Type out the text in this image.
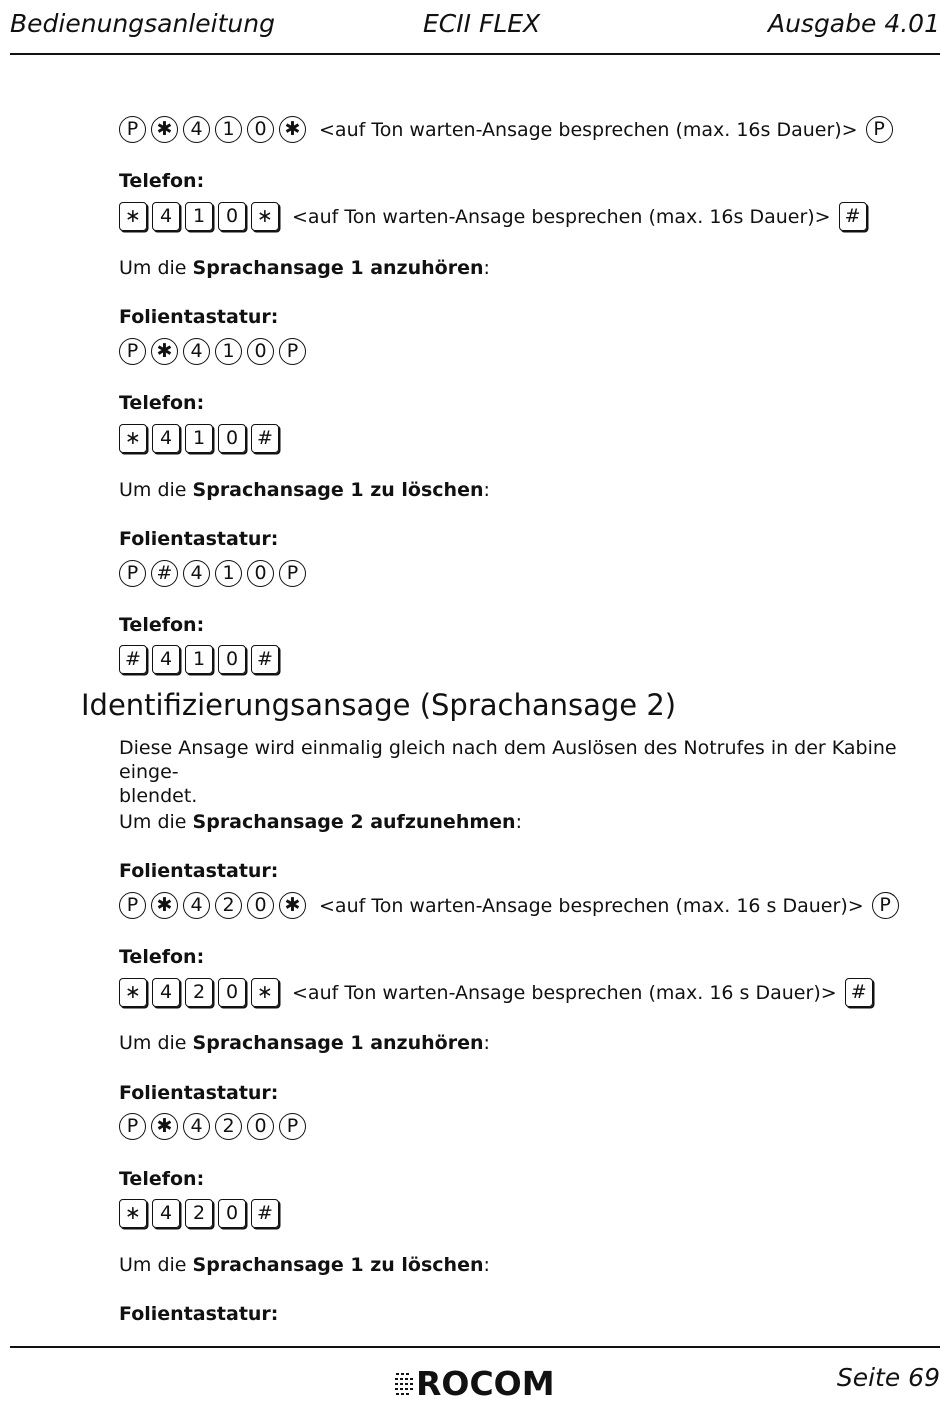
Bedienungsanleitung	ECII FLEX	Ausgabe 4.01
P ✱ 4	1	0 ✱ <auf Ton warten-Ansage besprechen (max. 16s Dauer)> P
Telefon:
∗	4	1	0 ∗	<auf Ton warten-Ansage besprechen (max. 16s Dauer)> #
Um die Sprachansage 1 anzuhören:
Folientastatur:
P ✱ 4	1	0	P
Telefon:
∗	4	1	0 #
Um die Sprachansage 1 zu löschen:
Folientastatur:
P # 4	1	0	P
Telefon:
#	4	1	0 #
Identifizierungsansage (Sprachansage 2)
Diese Ansage wird einmalig gleich nach dem Auslösen des Notrufes in der Kabine einge-
blendet.
Um die Sprachansage 2 aufzunehmen:
Folientastatur:
P ✱ 4	2	0 ✱ <auf Ton warten-Ansage besprechen (max. 16 s Dauer)> P
Telefon:
∗	4	2	0 ∗	<auf Ton warten-Ansage besprechen (max. 16 s Dauer)> #
Um die Sprachansage 1 anzuhören:
Folientastatur:
P ✱ 4	2	0	P
Telefon:
∗	4	2	0 #
Um die Sprachansage 1 zu löschen:
Folientastatur:
ROCOM	Seite 69
